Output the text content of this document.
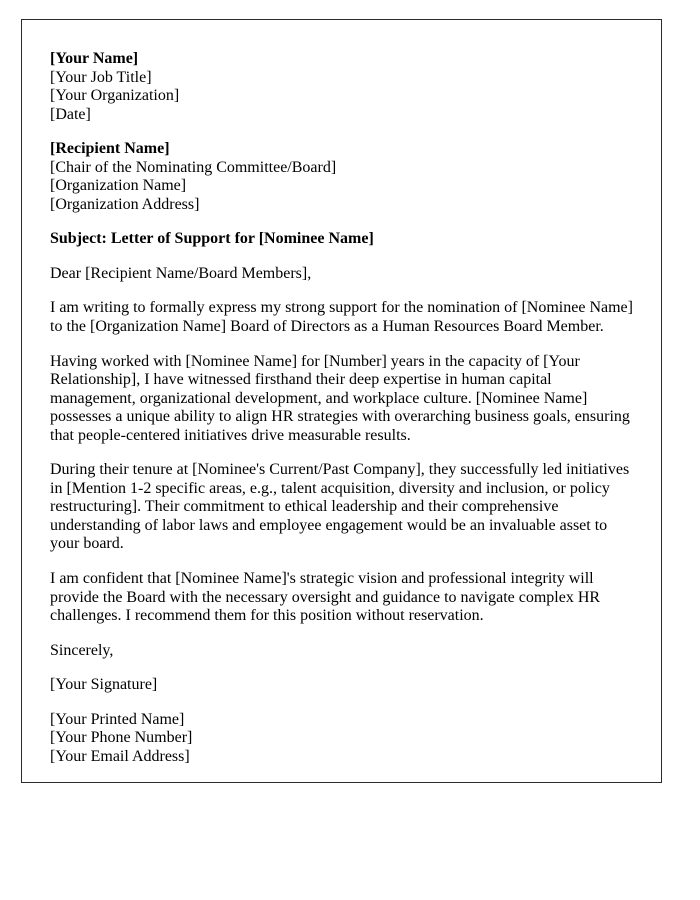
[Your Name]
[Your Job Title]
[Your Organization]
[Date]

[Recipient Name]
[Chair of the Nominating Committee/Board]
[Organization Name]
[Organization Address]

Subject: Letter of Support for [Nominee Name]

Dear [Recipient Name/Board Members],

I am writing to formally express my strong support for the nomination of [Nominee Name] to the [Organization Name] Board of Directors as a Human Resources Board Member.

Having worked with [Nominee Name] for [Number] years in the capacity of [Your Relationship], I have witnessed firsthand their deep expertise in human capital management, organizational development, and workplace culture. [Nominee Name] possesses a unique ability to align HR strategies with overarching business goals, ensuring that people-centered initiatives drive measurable results.

During their tenure at [Nominee's Current/Past Company], they successfully led initiatives in [Mention 1-2 specific areas, e.g., talent acquisition, diversity and inclusion, or policy restructuring]. Their commitment to ethical leadership and their comprehensive understanding of labor laws and employee engagement would be an invaluable asset to your board.

I am confident that [Nominee Name]'s strategic vision and professional integrity will provide the Board with the necessary oversight and guidance to navigate complex HR challenges. I recommend them for this position without reservation.

Sincerely,

[Your Signature]

[Your Printed Name]
[Your Phone Number]
[Your Email Address]
